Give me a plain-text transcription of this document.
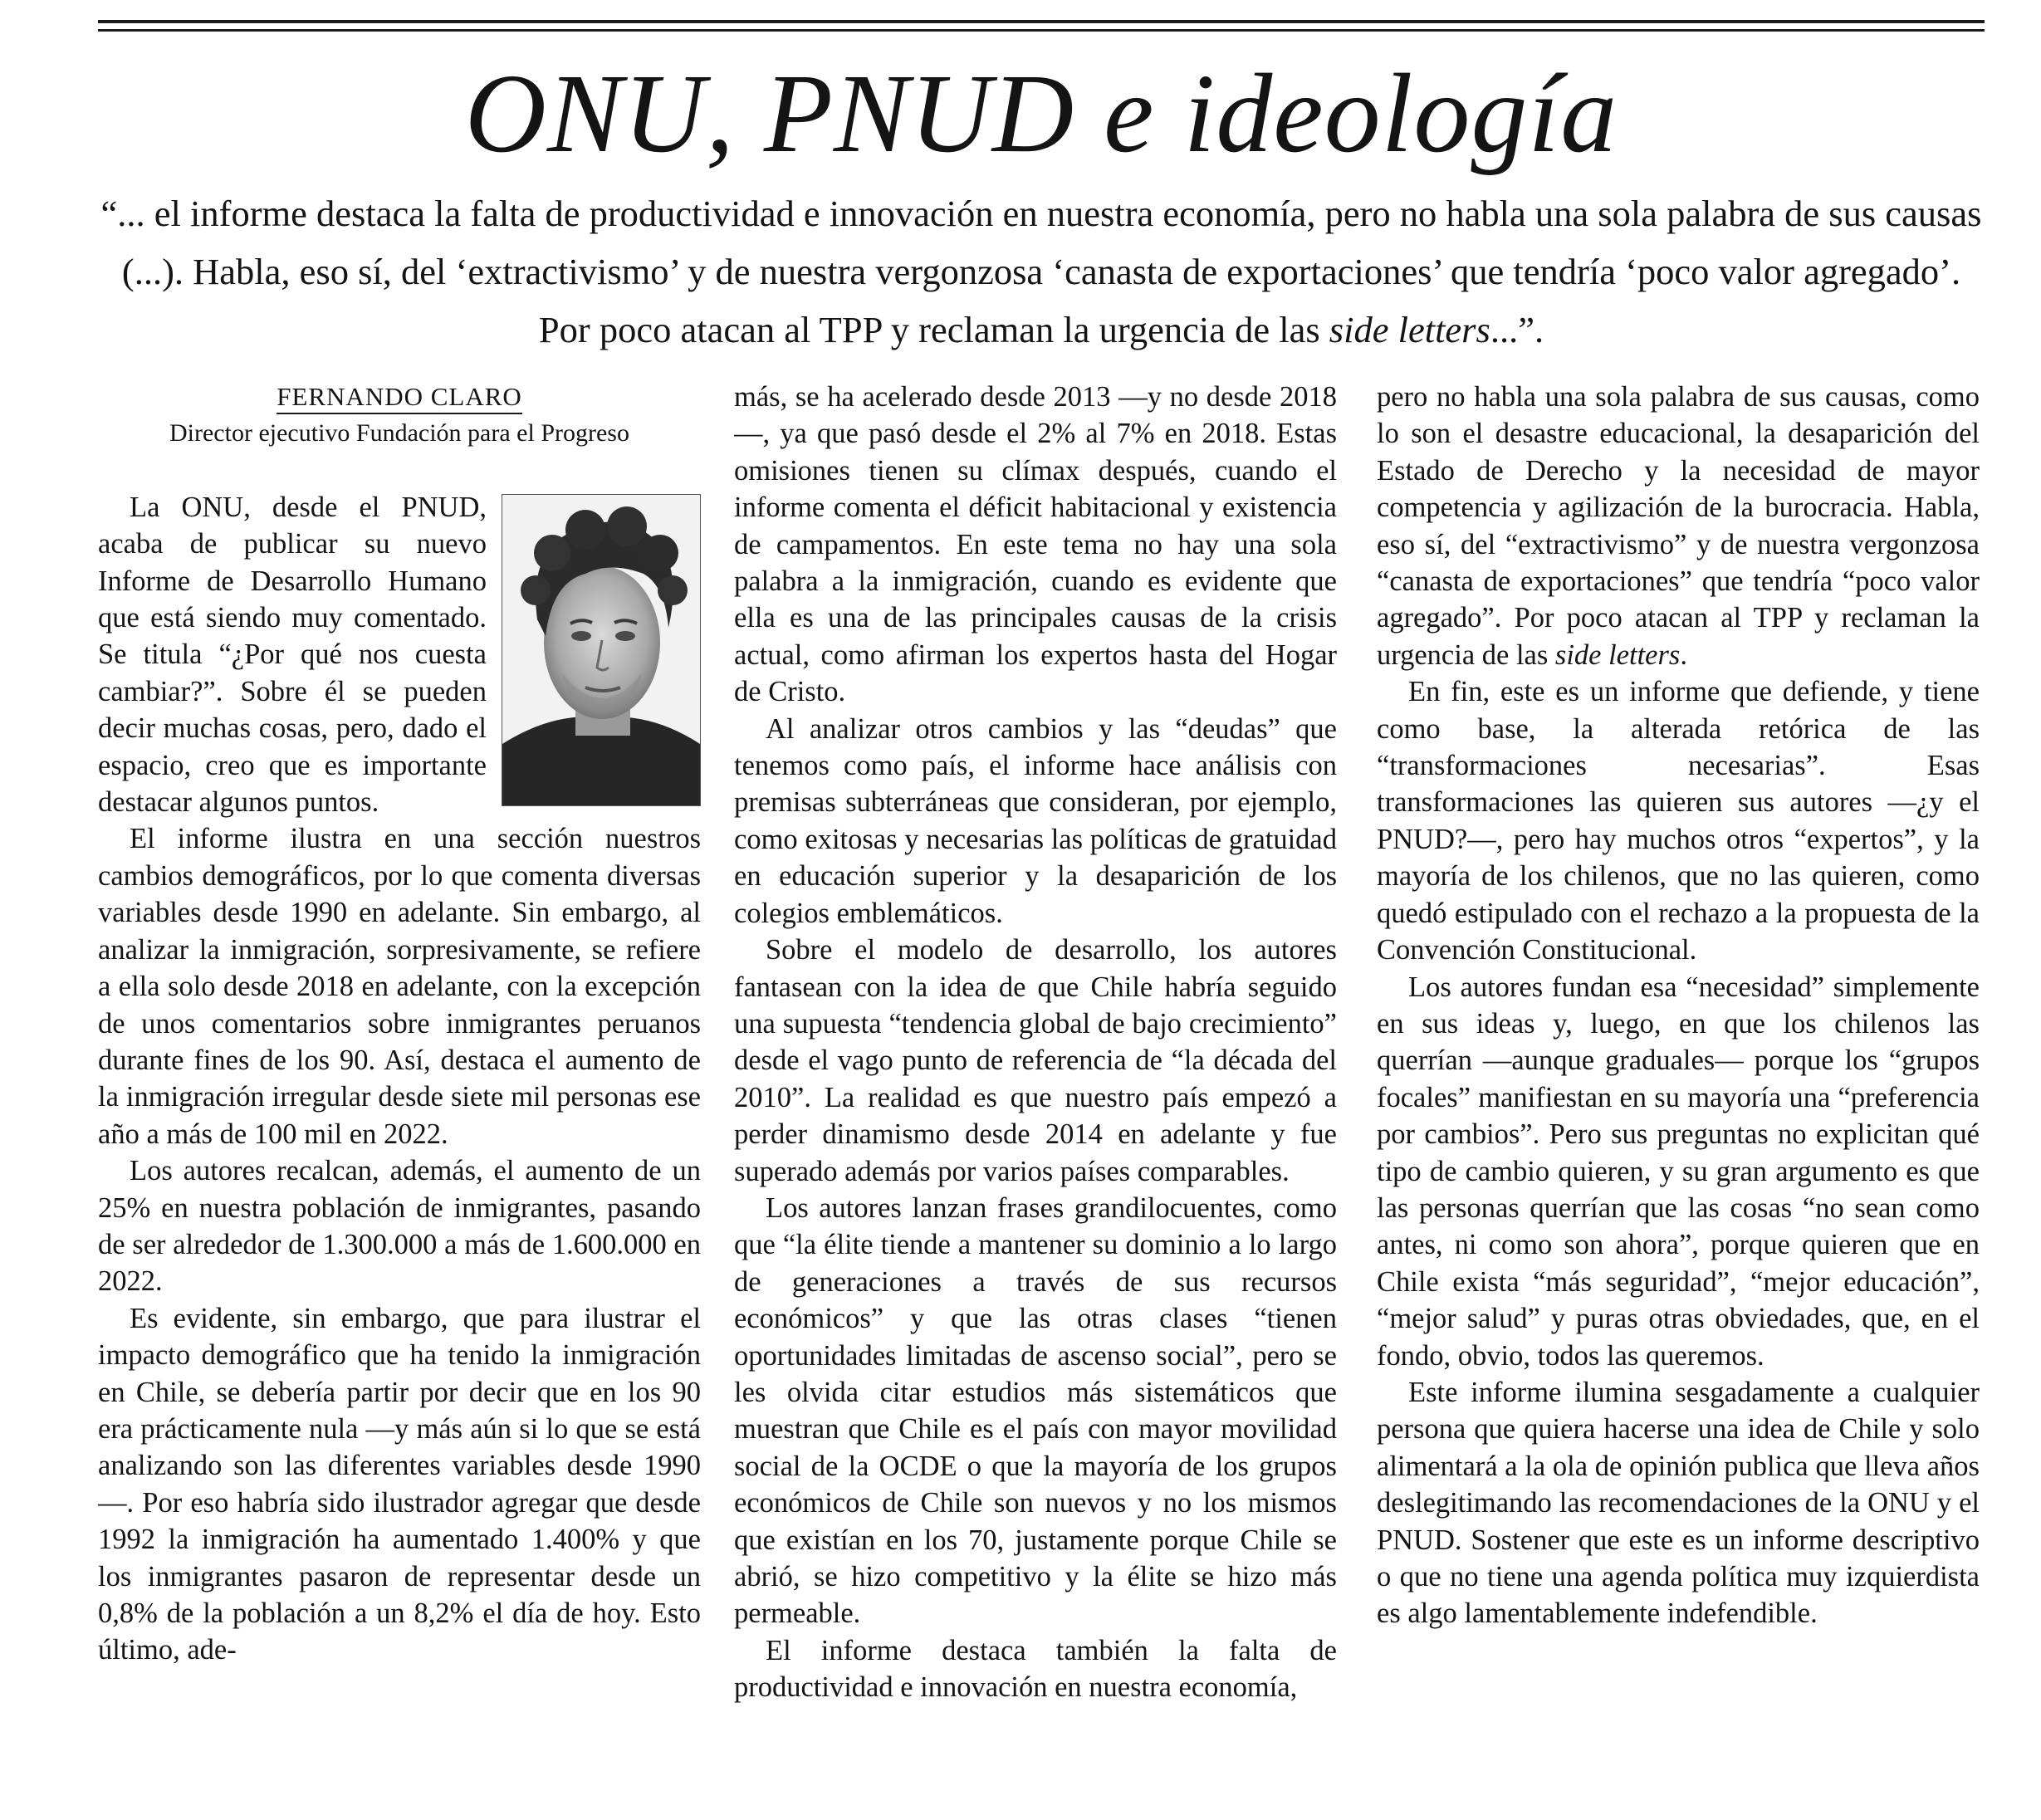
ONU, PNUD e ideología

“... el informe destaca la falta de productividad e innovación en nuestra economía, pero no habla una sola palabra de sus causas (...). Habla, eso sí, del ‘extractivismo’ y de nuestra vergonzosa ‘canasta de exportaciones’ que tendría ‘poco valor agregado’. Por poco atacan al TPP y reclaman la urgencia de las side letters...”.

FERNANDO CLARO
Director ejecutivo Fundación para el Progreso

La ONU, desde el PNUD, acaba de publicar su nuevo Informe de Desarrollo Humano que está siendo muy comentado. Se titula “¿Por qué nos cuesta cambiar?”. Sobre él se pueden decir muchas cosas, pero, dado el espacio, creo que es importante destacar algunos puntos.

El informe ilustra en una sección nuestros cambios demográficos, por lo que comenta diversas variables desde 1990 en adelante. Sin embargo, al analizar la inmigración, sorpresivamente, se refiere a ella solo desde 2018 en adelante, con la excepción de unos comentarios sobre inmigrantes peruanos durante fines de los 90. Así, destaca el aumento de la inmigración irregular desde siete mil personas ese año a más de 100 mil en 2022.

Los autores recalcan, además, el aumento de un 25% en nuestra población de inmigrantes, pasando de ser alrededor de 1.300.000 a más de 1.600.000 en 2022.

Es evidente, sin embargo, que para ilustrar el impacto demográfico que ha tenido la inmigración en Chile, se debería partir por decir que en los 90 era prácticamente nula —y más aún si lo que se está analizando son las diferentes variables desde 1990—. Por eso habría sido ilustrador agregar que desde 1992 la inmigración ha aumentado 1.400% y que los inmigrantes pasaron de representar desde un 0,8% de la población a un 8,2% el día de hoy. Esto último, ade-

más, se ha acelerado desde 2013 —y no desde 2018—, ya que pasó desde el 2% al 7% en 2018. Estas omisiones tienen su clímax después, cuando el informe comenta el déficit habitacional y existencia de campamentos. En este tema no hay una sola palabra a la inmigración, cuando es evidente que ella es una de las principales causas de la crisis actual, como afirman los expertos hasta del Hogar de Cristo.

Al analizar otros cambios y las “deudas” que tenemos como país, el informe hace análisis con premisas subterráneas que consideran, por ejemplo, como exitosas y necesarias las políticas de gratuidad en educación superior y la desaparición de los colegios emblemáticos.

Sobre el modelo de desarrollo, los autores fantasean con la idea de que Chile habría seguido una supuesta “tendencia global de bajo crecimiento” desde el vago punto de referencia de “la década del 2010”. La realidad es que nuestro país empezó a perder dinamismo desde 2014 en adelante y fue superado además por varios países comparables.

Los autores lanzan frases grandilocuentes, como que “la élite tiende a mantener su dominio a lo largo de generaciones a través de sus recursos económicos” y que las otras clases “tienen oportunidades limitadas de ascenso social”, pero se les olvida citar estudios más sistemáticos que muestran que Chile es el país con mayor movilidad social de la OCDE o que la mayoría de los grupos económicos de Chile son nuevos y no los mismos que existían en los 70, justamente porque Chile se abrió, se hizo competitivo y la élite se hizo más permeable.

El informe destaca también la falta de productividad e innovación en nuestra economía,

pero no habla una sola palabra de sus causas, como lo son el desastre educacional, la desaparición del Estado de Derecho y la necesidad de mayor competencia y agilización de la burocracia. Habla, eso sí, del “extractivismo” y de nuestra vergonzosa “canasta de exportaciones” que tendría “poco valor agregado”. Por poco atacan al TPP y reclaman la urgencia de las side letters.

En fin, este es un informe que defiende, y tiene como base, la alterada retórica de las “transformaciones necesarias”. Esas transformaciones las quieren sus autores —¿y el PNUD?—, pero hay muchos otros “expertos”, y la mayoría de los chilenos, que no las quieren, como quedó estipulado con el rechazo a la propuesta de la Convención Constitucional.

Los autores fundan esa “necesidad” simplemente en sus ideas y, luego, en que los chilenos las querrían —aunque graduales— porque los “grupos focales” manifiestan en su mayoría una “preferencia por cambios”. Pero sus preguntas no explicitan qué tipo de cambio quieren, y su gran argumento es que las personas querrían que las cosas “no sean como antes, ni como son ahora”, porque quieren que en Chile exista “más seguridad”, “mejor educación”, “mejor salud” y puras otras obviedades, que, en el fondo, obvio, todos las queremos.

Este informe ilumina sesgadamente a cualquier persona que quiera hacerse una idea de Chile y solo alimentará a la ola de opinión publica que lleva años deslegitimando las recomendaciones de la ONU y el PNUD. Sostener que este es un informe descriptivo o que no tiene una agenda política muy izquierdista es algo lamentablemente indefendible.
